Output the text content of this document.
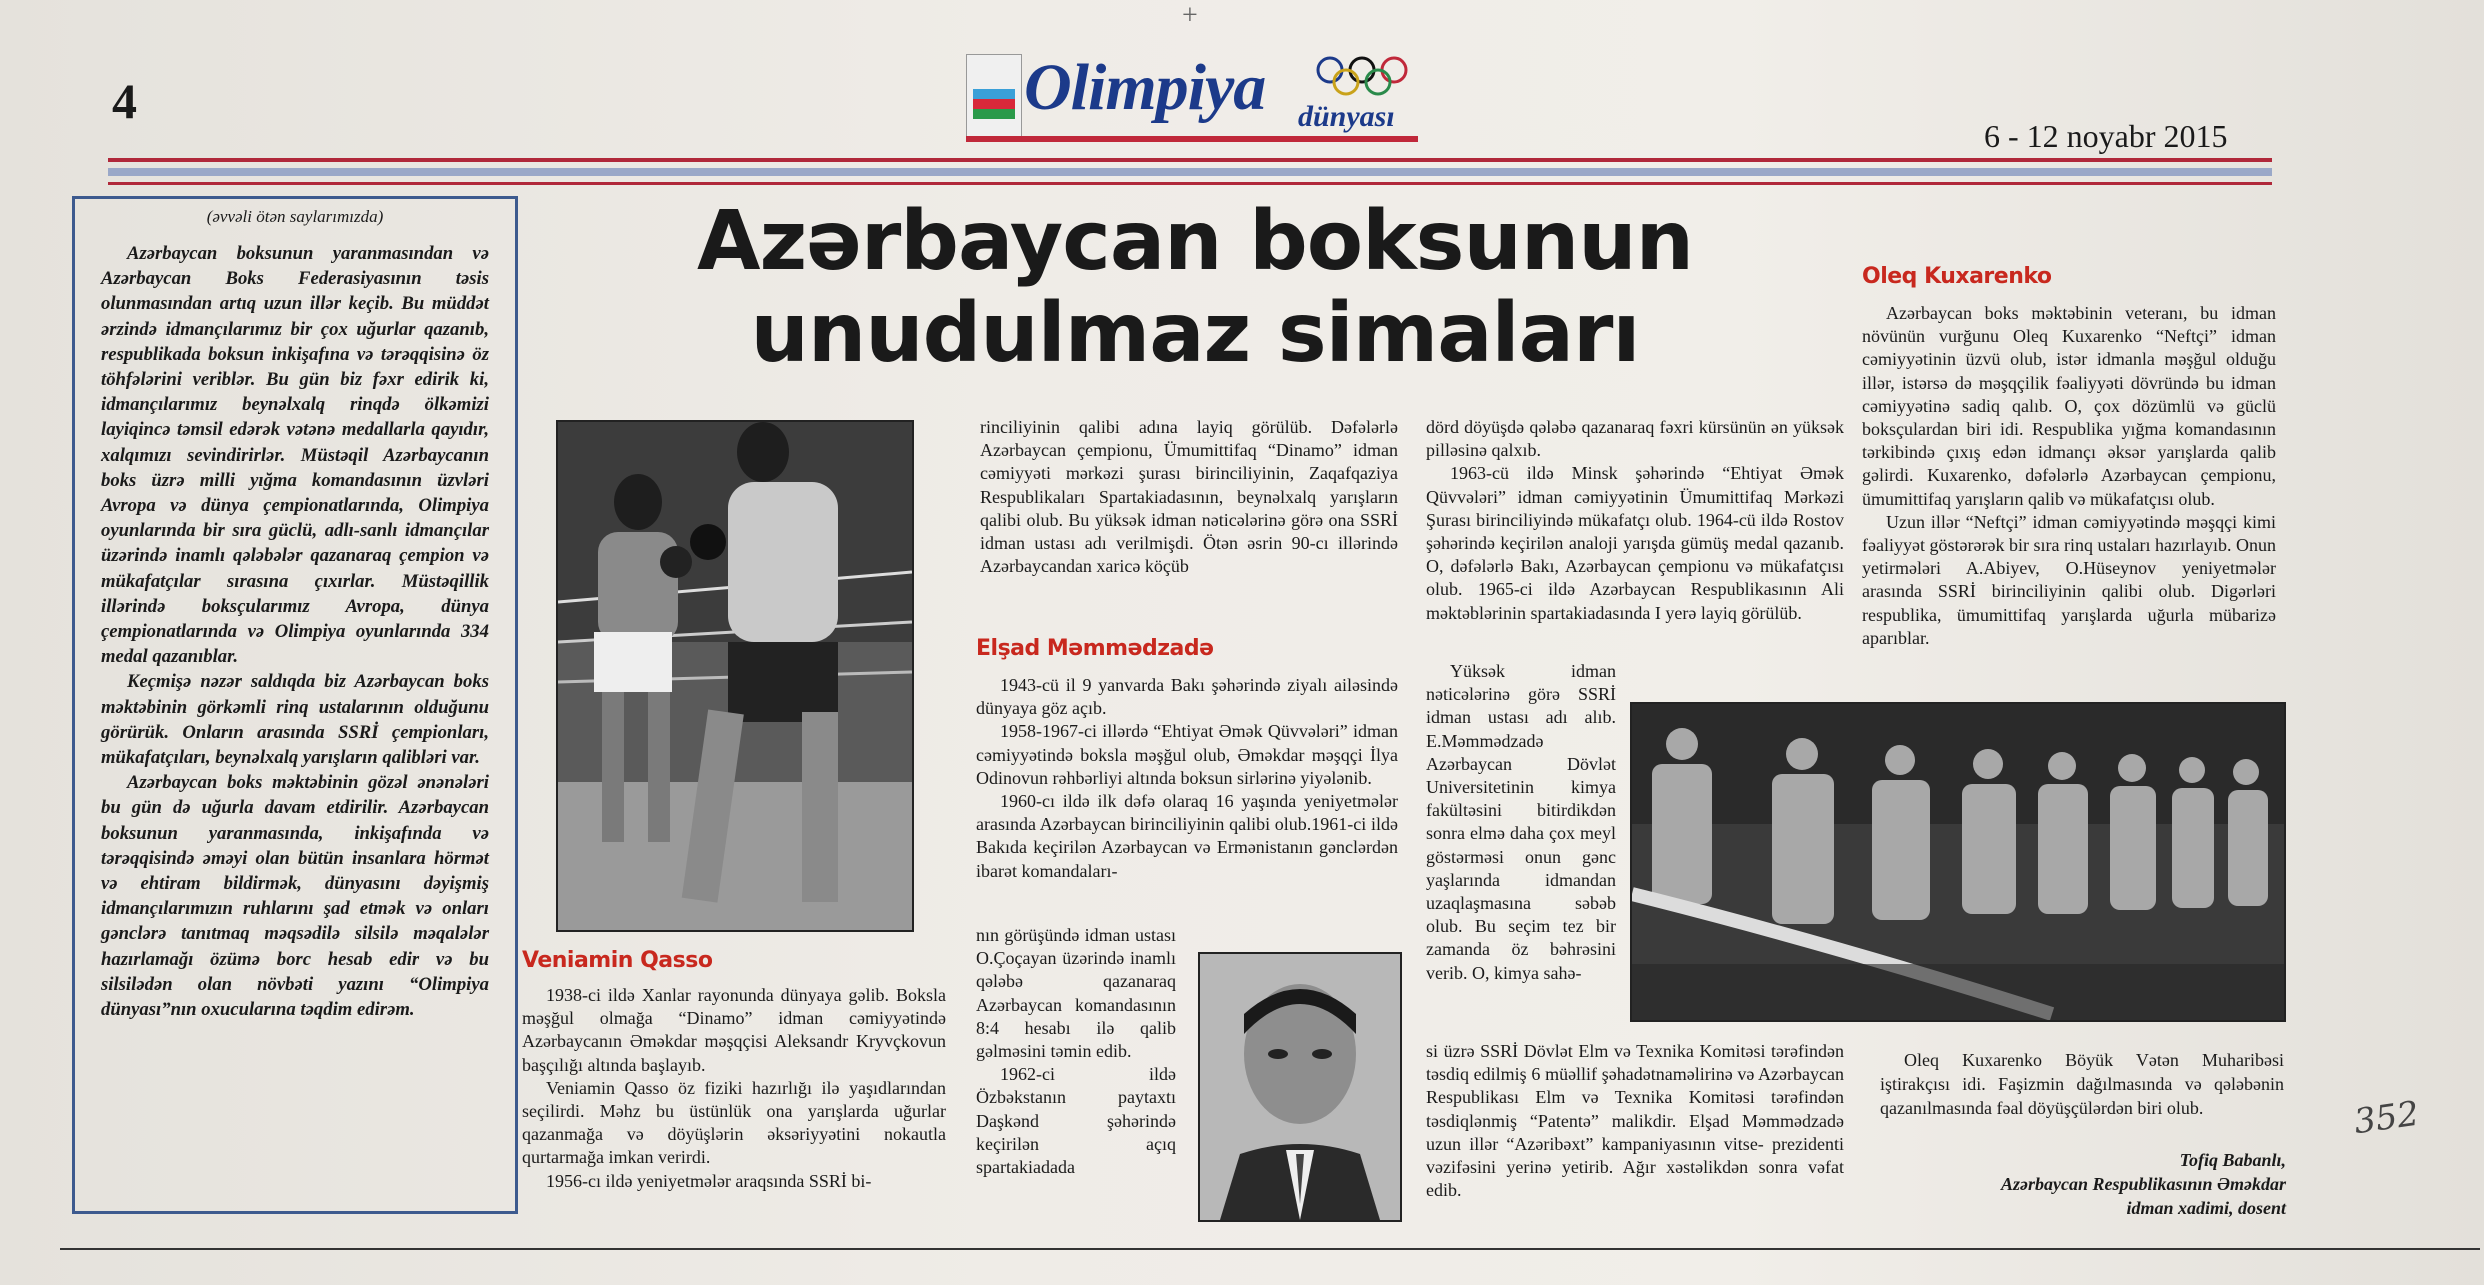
+
4	Olimpiya dünyası
6 - 12 noyabr 2015
(əvvəli ötən saylarımızda)

Azərbaycan boksunun yaranmasından və Azərbaycan Boks Federasiyasının təsis olunmasından artıq uzun illər keçib. Bu müddət ərzində idmançılarımız bir çox uğurlar qazanıb, respublikada boksun inkişafına və tərəqqisinə öz töhfələrini veriblər. Bu gün biz fəxr edirik ki, idmançılarımız beynəlxalq rinqdə ölkəmizi layiqincə təmsil edərək vətənə medallarla qayıdır, xalqımızı sevindirirlər. Müstəqil Azərbaycanın boks üzrə milli yığma komandasının üzvləri Avropa və dünya çempionatlarında, Olimpiya oyunlarında bir sıra güclü, adlı-sanlı idmançılar üzərində inamlı qələbələr qazanaraq çempion və mükafatçılar sırasına çıxırlar. Müstəqillik illərində boksçularımız Avropa, dünya çempionatlarında və Olimpiya oyunlarında 334 medal qazanıblar.

Keçmişə nəzər saldıqda biz Azərbaycan boks məktəbinin görkəmli rinq ustalarının olduğunu görürük. Onların arasında SSRİ çempionları, mükafatçıları, beynəlxalq yarışların qalibləri var.

Azərbaycan boks məktəbinin gözəl ənənələri bu gün də uğurla davam etdirilir. Azərbaycan boksunun yaranmasında, inkişafında və tərəqqisində əməyi olan bütün insanlara hörmət və ehtiram bildirmək, dünyasını dəyişmiş idmançılarımızın ruhlarını şad etmək və onları gənclərə tanıtmaq məqsədilə silsilə məqalələr hazırlamağı özümə borc hesab edir və bu silsilədən olan növbəti yazını “Olimpiya dünyası”nın oxucularına təqdim edirəm.

Azərbaycan boksunun
unudulmaz simaları
Veniamin Qasso

1938-ci ildə Xanlar rayonunda dünyaya gəlib. Boksla məşğul olmağa “Dinamo” idman cəmiyyətində Azərbaycanın Əməkdar məşqçisi Aleksandr Kryvçkovun başçılığı altında başlayıb.

Veniamin Qasso öz fiziki hazırlığı ilə yaşıdlarından seçilirdi. Məhz bu üstünlük ona yarışlarda uğurlar qazanmağa və döyüşlərin əksəriyyətini nokautla qurtarmağa imkan verirdi.

1956-cı ildə yeniyetmələr araqsında SSRİ bi-

rinciliyinin qalibi adına layiq görülüb. Dəfələrlə Azərbaycan çempionu, Ümumittifaq “Dinamo” idman cəmiyyəti mərkəzi şurası birinciliyinin, Zaqafqaziya Respublikaları Spartakiadasının, beynəlxalq yarışların qalibi olub. Bu yüksək idman nəticələrinə görə ona SSRİ idman ustası adı verilmişdi. Ötən əsrin 90-cı illərində Azərbaycandan xaricə köçüb

Elşad Məmmədzadə

1943-cü il 9 yanvarda Bakı şəhərində ziyalı ailəsində dünyaya göz açıb.

1958-1967-ci illərdə “Ehtiyat Əmək Qüvvələri” idman cəmiyyətində boksla məşğul olub, Əməkdar məşqçi İlya Odinovun rəhbərliyi altında boksun sirlərinə yiyələnib.

1960-cı ildə ilk dəfə olaraq 16 yaşında yeniyetmələr arasında Azərbaycan birinciliyinin qalibi olub.1961-ci ildə Bakıda keçirilən Azərbaycan və Ermənistanın gənclərdən ibarət komandaları-

nın görüşündə idman ustası O.Çoçayan üzərində inamlı qələbə qazanaraq Azərbaycan komandasının 8:4 hesabı ilə qalib gəlməsini təmin edib.

1962-ci ildə Özbəkstanın paytaxtı Daşkənd şəhərində keçirilən açıq spartakiadada

dörd döyüşdə qələbə qazanaraq fəxri kürsünün ən yüksək pilləsinə qalxıb.

1963-cü ildə Minsk şəhərində “Ehtiyat Əmək Qüvvələri” idman cəmiyyətinin Ümumittifaq Mərkəzi Şurası birinciliyində mükafatçı olub. 1964-cü ildə Rostov şəhərində keçirilən analoji yarışda gümüş medal qazanıb. O, dəfələrlə Bakı, Azərbaycan çempionu və mükafatçısı olub. 1965-ci ildə Azərbaycan Respublikasının Ali məktəblərinin spartakiadasında I yerə layiq görülüb.

Yüksək idman nəticələrinə görə SSRİ idman ustası adı alıb. E.Məmmədzadə Azərbaycan Dövlət Universitetinin kimya fakültəsini bitirdikdən sonra elmə daha çox meyl göstərməsi onun gənc yaşlarında idmandan uzaqlaşmasına səbəb olub. Bu seçim tez bir zamanda öz bəhrəsini verib. O, kimya sahə-

si üzrə SSRİ Dövlət Elm və Texnika Komitəsi tərəfindən təsdiq edilmiş 6 müəllif şəhadətnaməlirinə və Azərbaycan Respublikası Elm və Texnika Komitəsi tərəfindən təsdiqlənmiş “Patentə” malikdir. Elşad Məmmədzadə uzun illər “Azəribəxt” kampaniyasının vitse- prezidenti vəzifəsini yerinə yetirib. Ağır xəstəlikdən sonra vəfat edib.

Oleq Kuxarenko

Azərbaycan boks məktəbinin veteranı, bu idman növünün vurğunu Oleq Kuxarenko “Neftçi” idman cəmiyyətinin üzvü olub, istər idmanla məşğul olduğu illər, istərsə də məşqçilik fəaliyyəti dövründə bu idman cəmiyyətinə sadiq qalıb. O, çox dözümlü və güclü boksçulardan biri idi. Respublika yığma komandasının tərkibində çıxış edən idmançı əksər yarışlarda qalib gəlirdi. Kuxarenko, dəfələrlə Azərbaycan çempionu, ümumittifaq yarışların qalib və mükafatçısı olub.

Uzun illər “Neftçi” idman cəmiyyətində məşqçi kimi fəaliyyət göstərərək bir sıra rinq ustaları hazırlayıb. Onun yetirmələri A.Abiyev, O.Hüseynov yeniyetmələr arasında SSRİ birinciliyinin qalibi olub. Digərləri respublika, ümumittifaq yarışlarda uğurla mübarizə aparıblar.

Oleq Kuxarenko Böyük Vətən Muharibəsi iştirakçısı idi. Faşizmin dağılmasında və qələbənin qazanılmasında fəal döyüşçülərdən biri olub.
Tofiq Babanlı,
Azərbaycan Respublikasının Əməkdar
idman xadimi, dosent
352
